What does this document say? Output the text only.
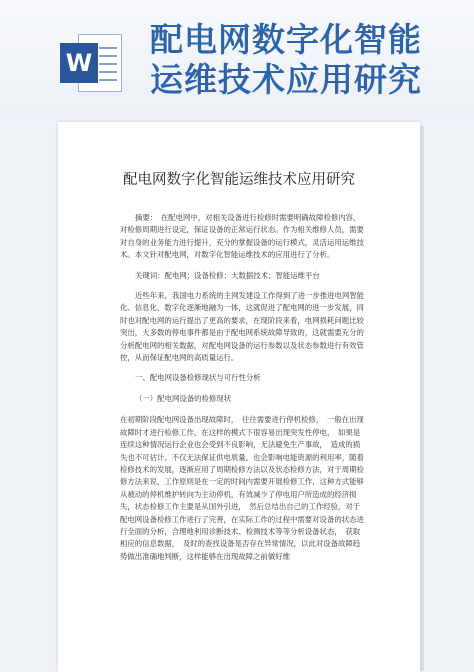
W
配电网数字化智能
运维技术应用研究
配电网数字化智能运维技术应用研究

摘要：　在配电网中，对相关设备进行检修时需要明确故障检修内容，对检修周期进行设定，保证设备的正常运行状态。作为相关维修人员，需要对自身的业务能力进行提升，充分的掌握设备的运行模式，灵活运用运维技术。本文针对配电网，对数字化智能运维技术的应用进行了分析。

关键词：配电网；设备检修；大数据技术；智能运维平台

近些年来，我国电力系统的主网发建设工作得到了进一步推进电网智能化、信息化、数字化逐渐地融为一体，这就促进了配电网的进一步发展，同时也对配电网的运行提出了更高的要求，在现阶段来看，电网损耗问题比较突出，大多数的停电事件都是由于配电网系统故障导致的，这就需要充分的分析配电网的相关数据，对配电网设备的运行参数以及状态参数进行有效管控，从而保证配电网的高质量运行。

一、配电网设备检修现状与可行性分析

（一）配电网设备的检修现状

在初期阶段配电网设备出现故障时，　往往需要进行停机检修，　一般在出现故障时才进行检修工作，在这样的模式下很容易出现突发性停电，　如果是连续这种情况运行企业也会受到不良影响，无法避免生产事故，　造成的损失也不可估计。不仅无法保证供电质量，也会影响电能资源的利用率，随着检修技术的发展，逐渐应用了周期检修方法以及状态检修方法，对于周期检修方法来说，工作原则是在一定的时间内需要开展检修工作，这种方式能够从被动的停机维护转向为主动停机，有效减少了停电用户所造成的经济损失，状态检修工作主要是从国外引进，　然后总结出自己的工作经验，对于配电网设备检修工作进行了完善，在实际工作的过程中需要对设备的状态进行全面的分析，合理地利用诊断技术、检测技术等等分析设备状态，　获取相应的信息数据，　及时的查找设备是否存在异常情况，以此对设备故障趋势做出准确地判断，这样能够在出现故障之前做好维
